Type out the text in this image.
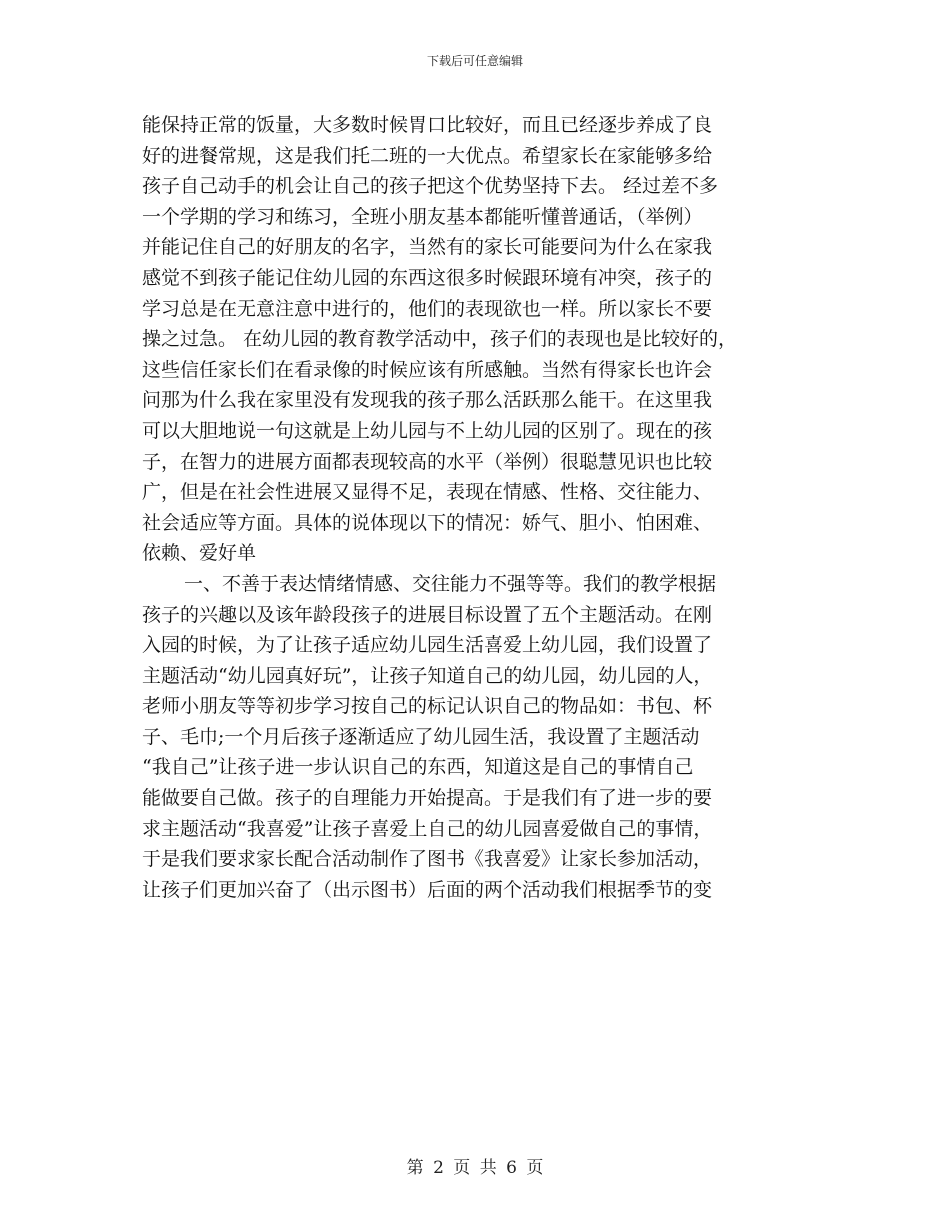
下载后可任意编辑
能保持正常的饭量，大多数时候胃口比较好，而且已经逐步养成了良
好的进餐常规，这是我们托二班的一大优点。希望家长在家能够多给
孩子自己动手的机会让自己的孩子把这个优势坚持下去。 经过差不多
一个学期的学习和练习，全班小朋友基本都能听懂普通话，（举例）
并能记住自己的好朋友的名字，当然有的家长可能要问为什么在家我
感觉不到孩子能记住幼儿园的东西这很多时候跟环境有冲突，孩子的
学习总是在无意注意中进行的，他们的表现欲也一样。所以家长不要
操之过急。 在幼儿园的教育教学活动中，孩子们的表现也是比较好的，
这些信任家长们在看录像的时候应该有所感触。当然有得家长也许会
问那为什么我在家里没有发现我的孩子那么活跃那么能干。在这里我
可以大胆地说一句这就是上幼儿园与不上幼儿园的区别了。现在的孩
子，在智力的进展方面都表现较高的水平（举例）很聪慧见识也比较
广，但是在社会性进展又显得不足，表现在情感、性格、交往能力、
社会适应等方面。具体的说体现以下的情况：娇气、胆小、怕困难、
依赖、爱好单
一、不善于表达情绪情感、交往能力不强等等。我们的教学根据
孩子的兴趣以及该年龄段孩子的进展目标设置了五个主题活动。在刚
入园的时候，为了让孩子适应幼儿园生活喜爱上幼儿园，我们设置了
主题活动“幼儿园真好玩”，让孩子知道自己的幼儿园，幼儿园的人，
老师小朋友等等初步学习按自己的标记认识自己的物品如：书包、杯
子、毛巾;一个月后孩子逐渐适应了幼儿园生活，我设置了主题活动
“我自己”让孩子进一步认识自己的东西，知道这是自己的事情自己
能做要自己做。孩子的自理能力开始提高。于是我们有了进一步的要
求主题活动“我喜爱”让孩子喜爱上自己的幼儿园喜爱做自己的事情，
于是我们要求家长配合活动制作了图书《我喜爱》让家长参加活动，
让孩子们更加兴奋了（出示图书）后面的两个活动我们根据季节的变
第 2 页 共 6 页
